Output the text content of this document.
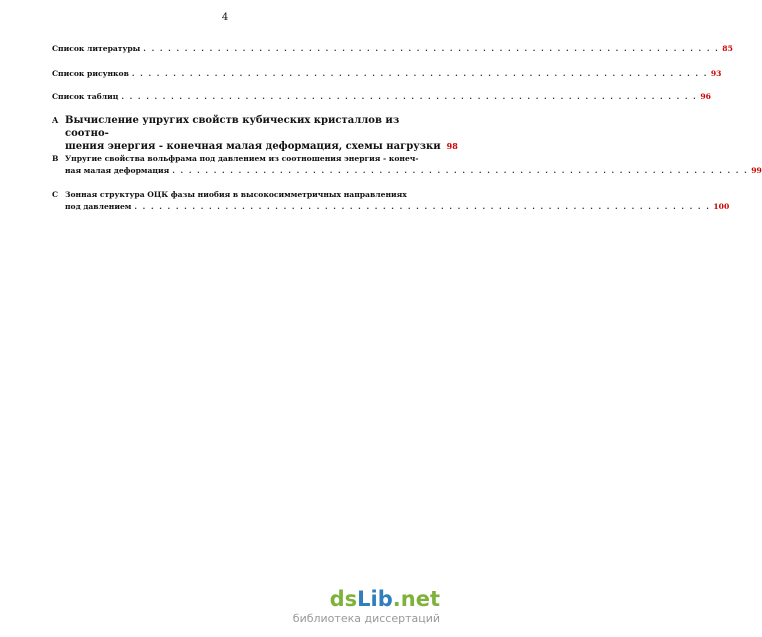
4
Список литературы . . . . . . . . . . . . . . . . . . . . . . . . . . . . . . . . . . . . . . . . . . . . . . . . . . . . . . . . . . . . . . . . . . . . . . 85
Список рисунков . . . . . . . . . . . . . . . . . . . . . . . . . . . . . . . . . . . . . . . . . . . . . . . . . . . . . . . . . . . . . . . . . . . . . . 93
Список таблиц . . . . . . . . . . . . . . . . . . . . . . . . . . . . . . . . . . . . . . . . . . . . . . . . . . . . . . . . . . . . . . . . . . . . . . 96
A Вычисление упругих свойств кубических кристаллов из соотно-
шения энергия - конечная малая деформация, схемы нагрузки 98
B Упругие свойства вольфрама под давлением из соотношения энергия - конеч-
ная малая деформация . . . . . . . . . . . . . . . . . . . . . . . . . . . . . . . . . . . . . . . . . . . . . . . . . . . . . . . . . . . . . . . . . . . . . . 99
C Зонная структура ОЦК фазы ниобия в высокосимметричных направлениях
под давлением . . . . . . . . . . . . . . . . . . . . . . . . . . . . . . . . . . . . . . . . . . . . . . . . . . . . . . . . . . . . . . . . . . . . . . 100
dsLib.net
библиотека диссертаций
